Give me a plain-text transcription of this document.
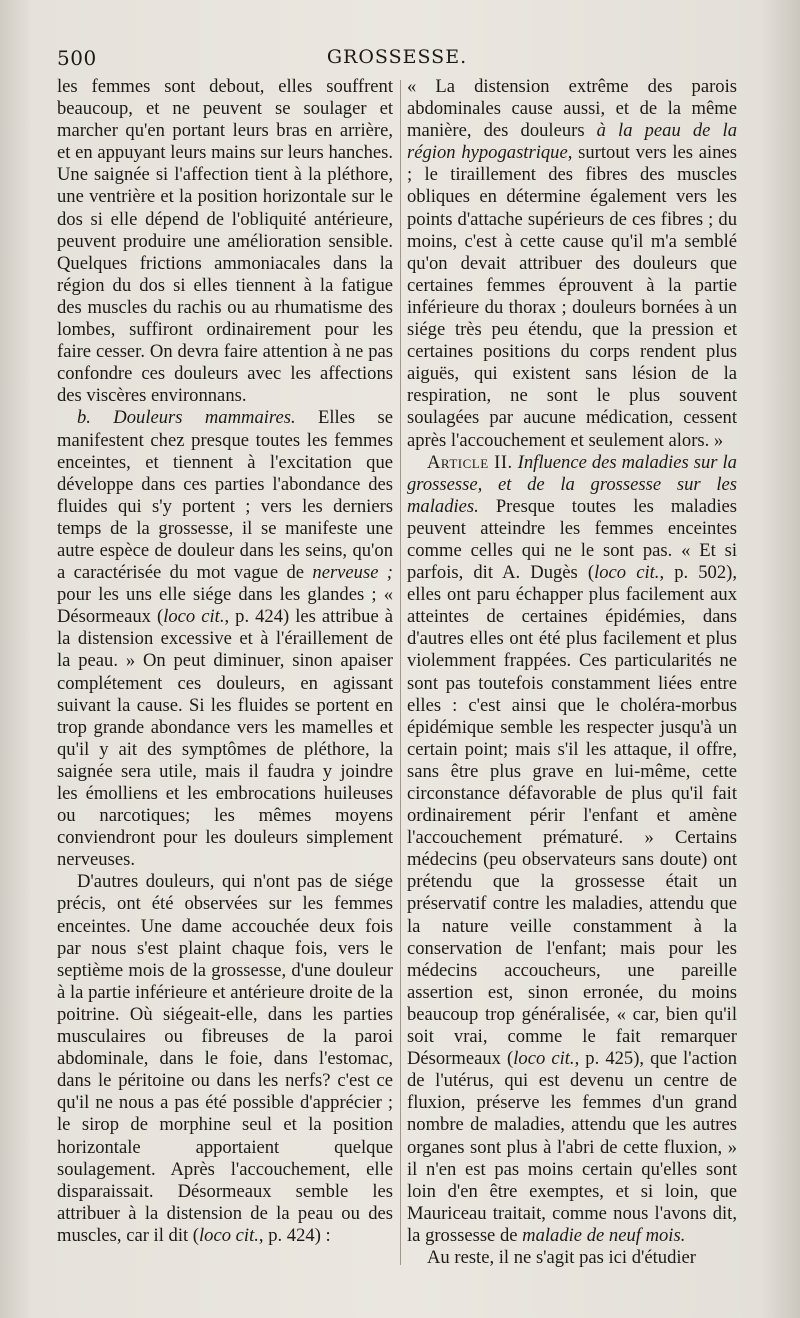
500	GROSSESSE.

les femmes sont debout, elles souffrent beaucoup, et ne peuvent se soulager et marcher qu'en portant leurs bras en arrière, et en appuyant leurs mains sur leurs hanches. Une saignée si l'affection tient à la pléthore, une ventrière et la position horizontale sur le dos si elle dépend de l'obliquité antérieure, peuvent produire une amélioration sensible. Quelques frictions ammoniacales dans la région du dos si elles tiennent à la fatigue des muscles du rachis ou au rhumatisme des lombes, suffiront ordinairement pour les faire cesser. On devra faire attention à ne pas confondre ces douleurs avec les affections des viscères environnans.

b. Douleurs mammaires. Elles se manifestent chez presque toutes les femmes enceintes, et tiennent à l'excitation que développe dans ces parties l'abondance des fluides qui s'y portent ; vers les derniers temps de la grossesse, il se manifeste une autre espèce de douleur dans les seins, qu'on a caractérisée du mot vague de nerveuse ; pour les uns elle siége dans les glandes ; « Désormeaux (loco cit., p. 424) les attribue à la distension excessive et à l'éraillement de la peau. » On peut diminuer, sinon apaiser complétement ces douleurs, en agissant suivant la cause. Si les fluides se portent en trop grande abondance vers les mamelles et qu'il y ait des symptômes de pléthore, la saignée sera utile, mais il faudra y joindre les émolliens et les embrocations huileuses ou narcotiques; les mêmes moyens conviendront pour les douleurs simplement nerveuses.

D'autres douleurs, qui n'ont pas de siége précis, ont été observées sur les femmes enceintes. Une dame accouchée deux fois par nous s'est plaint chaque fois, vers le septième mois de la grossesse, d'une douleur à la partie inférieure et antérieure droite de la poitrine. Où siégeait-elle, dans les parties musculaires ou fibreuses de la paroi abdominale, dans le foie, dans l'estomac, dans le péritoine ou dans les nerfs? c'est ce qu'il ne nous a pas été possible d'apprécier ; le sirop de morphine seul et la position horizontale apportaient quelque soulagement. Après l'accouchement, elle disparaissait. Désormeaux semble les attribuer à la distension de la peau ou des muscles, car il dit (loco cit., p. 424) :

« La distension extrême des parois abdominales cause aussi, et de la même manière, des douleurs à la peau de la région hypogastrique, surtout vers les aines ; le tiraillement des fibres des muscles obliques en détermine également vers les points d'attache supérieurs de ces fibres ; du moins, c'est à cette cause qu'il m'a semblé qu'on devait attribuer des douleurs que certaines femmes éprouvent à la partie inférieure du thorax ; douleurs bornées à un siége très peu étendu, que la pression et certaines positions du corps rendent plus aiguës, qui existent sans lésion de la respiration, ne sont le plus souvent soulagées par aucune médication, cessent après l'accouchement et seulement alors. »

Article II. Influence des maladies sur la grossesse, et de la grossesse sur les maladies. Presque toutes les maladies peuvent atteindre les femmes enceintes comme celles qui ne le sont pas. « Et si parfois, dit A. Dugès (loco cit., p. 502), elles ont paru échapper plus facilement aux atteintes de certaines épidémies, dans d'autres elles ont été plus facilement et plus violemment frappées. Ces particularités ne sont pas toutefois constamment liées entre elles : c'est ainsi que le choléra-morbus épidémique semble les respecter jusqu'à un certain point; mais s'il les attaque, il offre, sans être plus grave en lui-même, cette circonstance défavorable de plus qu'il fait ordinairement périr l'enfant et amène l'accouchement prématuré. » Certains médecins (peu observateurs sans doute) ont prétendu que la grossesse était un préservatif contre les maladies, attendu que la nature veille constamment à la conservation de l'enfant; mais pour les médecins accoucheurs, une pareille assertion est, sinon erronée, du moins beaucoup trop généralisée, « car, bien qu'il soit vrai, comme le fait remarquer Désormeaux (loco cit., p. 425), que l'action de l'utérus, qui est devenu un centre de fluxion, préserve les femmes d'un grand nombre de maladies, attendu que les autres organes sont plus à l'abri de cette fluxion, » il n'en est pas moins certain qu'elles sont loin d'en être exemptes, et si loin, que Mauriceau traitait, comme nous l'avons dit, la grossesse de maladie de neuf mois.

Au reste, il ne s'agit pas ici d'étudier
